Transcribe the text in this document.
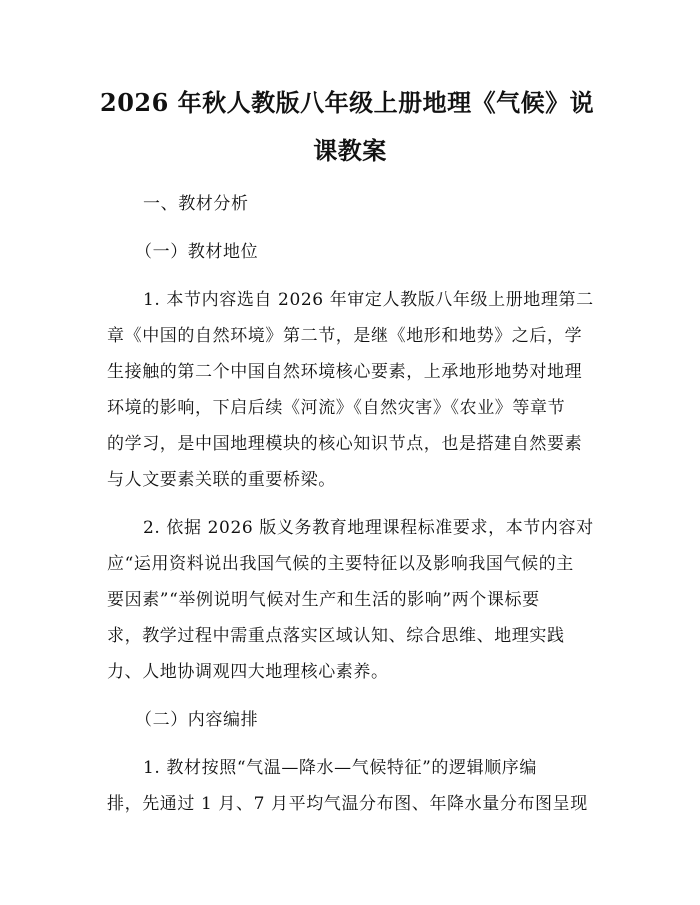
2026 年秋人教版八年级上册地理《气候》说
课教案
一、教材分析
（一）教材地位
1. 本节内容选自 2026 年审定人教版八年级上册地理第二
章《中国的自然环境》第二节，是继《地形和地势》之后，学
生接触的第二个中国自然环境核心要素，上承地形地势对地理
环境的影响，下启后续《河流》《自然灾害》《农业》等章节
的学习，是中国地理模块的核心知识节点，也是搭建自然要素
与人文要素关联的重要桥梁。
2. 依据 2026 版义务教育地理课程标准要求，本节内容对
应“运用资料说出我国气候的主要特征以及影响我国气候的主
要因素”“举例说明气候对生产和生活的影响”两个课标要
求，教学过程中需重点落实区域认知、综合思维、地理实践
力、人地协调观四大地理核心素养。
（二）内容编排
1. 教材按照“气温—降水—气候特征”的逻辑顺序编
排，先通过 1 月、7 月平均气温分布图、年降水量分布图呈现
